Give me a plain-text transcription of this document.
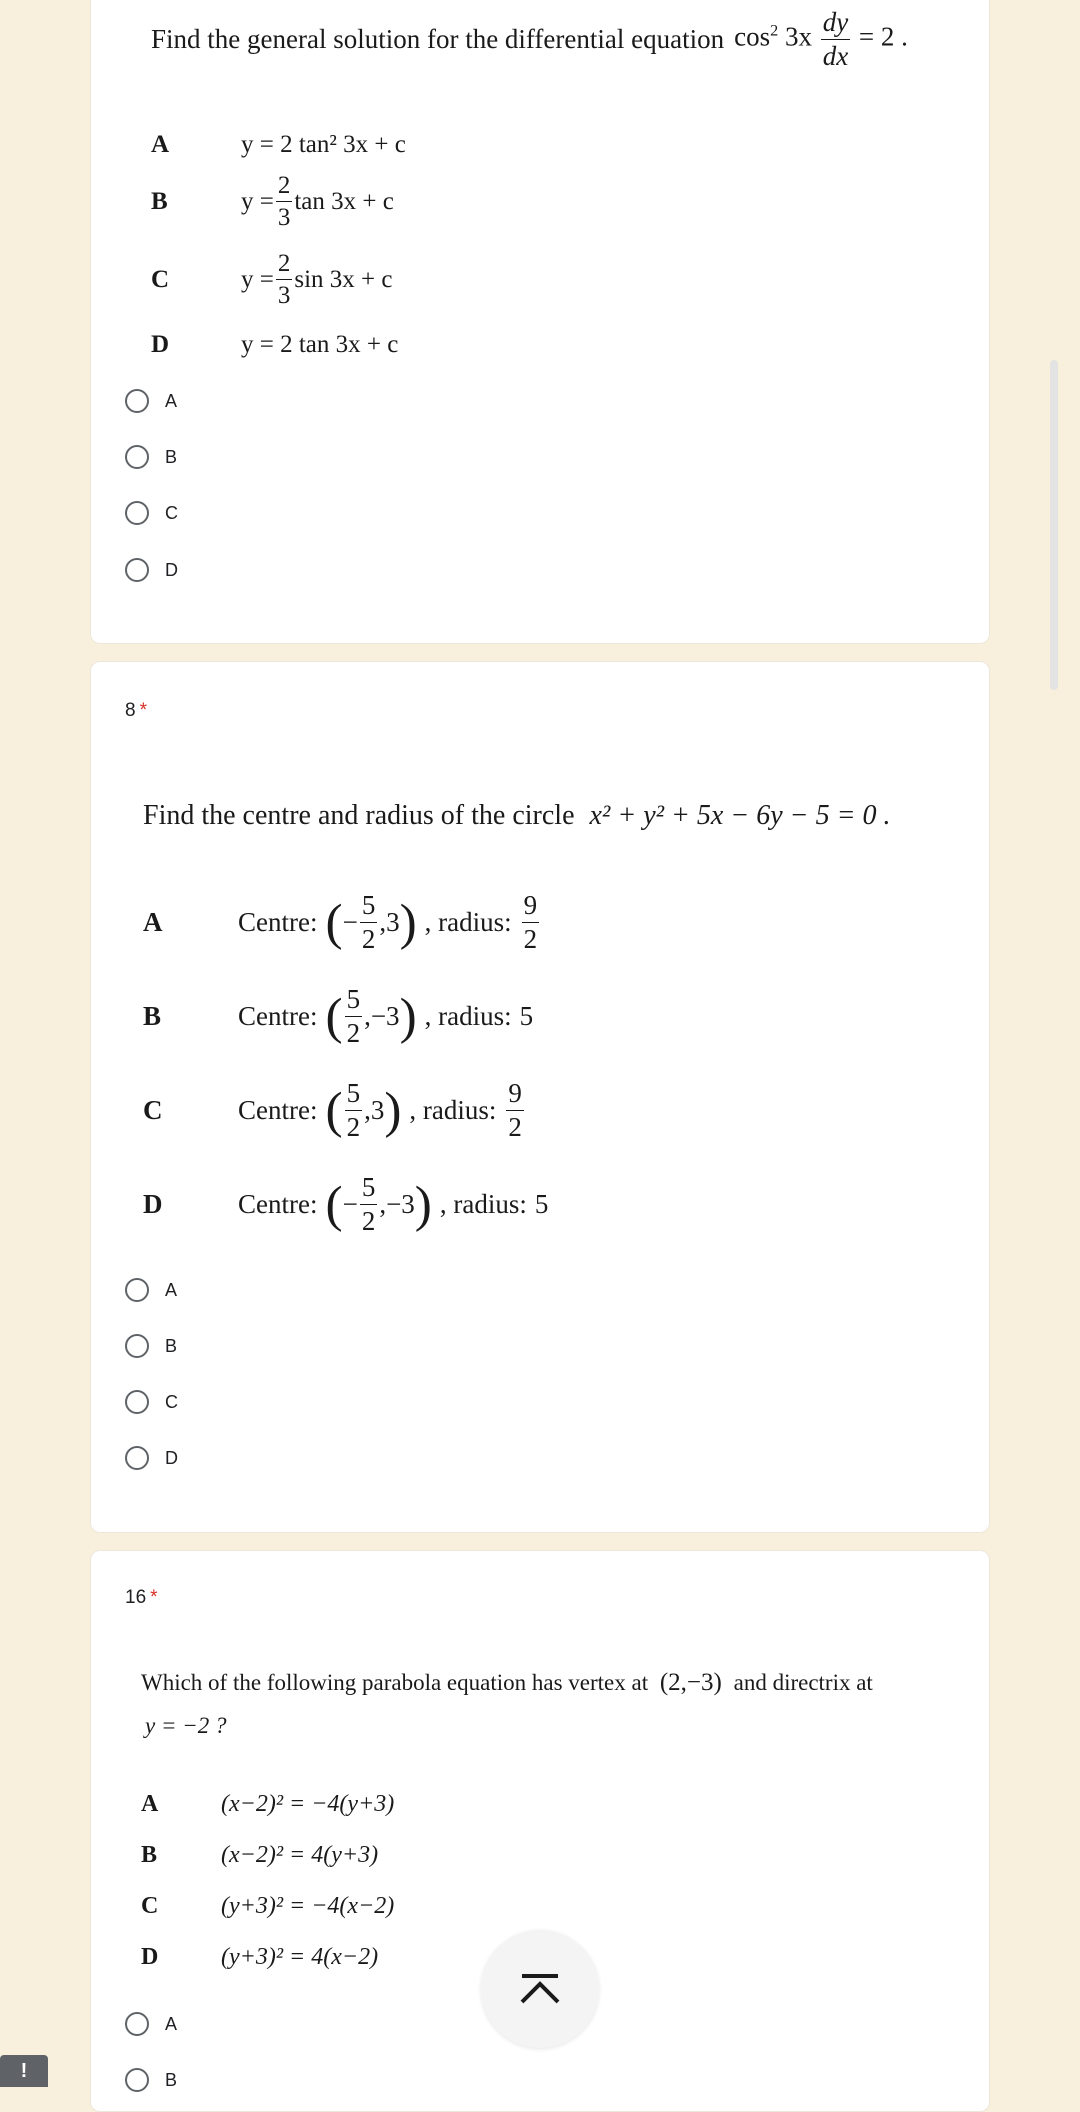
Find the general solution for the differential equation $\cos^2 3x \frac{dy}{dx} = 2$ .
A	y = 2 tan² 3x + c
B	$y = \frac{2}{3}$ tan 3x + c
C	$y = \frac{2}{3}$ sin 3x + c
D	y = 2 tan 3x + c
A
B
C
D
8 *
Find the centre and radius of the circle x² + y² + 5x − 6y − 5 = 0 .
A	Centre: ( − $\frac{5}{2} ,3$ ) , radius: $\frac{9}{2}$
B	Centre: ( $\frac{5}{2} ,-3$ ) , radius: 5
C	Centre: ( $\frac{5}{2} ,3$ ) , radius: $\frac{9}{2}$
D	Centre: ( − $\frac{5}{2} ,-3$ ) , radius: 5
A
B
C
D
16 *
Which of the following parabola equation has vertex at (2,−3) and directrix at
y = −2 ?
A	(x−2)² = −4(y+3)
B	(x−2)² = 4(y+3)
C	(y+3)² = −4(x−2)
D	(y+3)² = 4(x−2)
A
B
!
